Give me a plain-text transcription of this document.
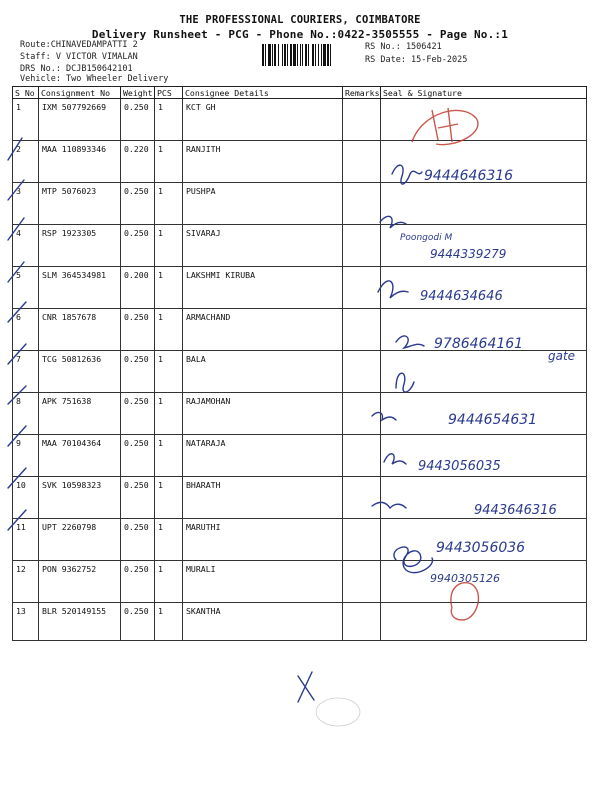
THE PROFESSIONAL COURIERS, COIMBATORE
Delivery Runsheet - PCG - Phone No.:0422-3505555 - Page No.:1
Route:CHINAVEDAMPATTI 2
Staff: V VICTOR VIMALAN
DRS No.: DCJB150642101
Vehicle: Two Wheeler Delivery
RS No.: 1506421
RS Date: 15-Feb-2025
S No	Consignment No	Weight	PCS	Consignee Details	Remarks	Seal & Signature
1	IXM 507792669	0.250	1	KCT GH		
2	MAA 110893346	0.220	1	RANJITH		
3	MTP 5076023	0.250	1	PUSHPA		
4	RSP 1923305	0.250	1	SIVARAJ		
5	SLM 364534981	0.200	1	LAKSHMI KIRUBA		
6	CNR 1857678	0.250	1	ARMACHAND		
7	TCG 50812636	0.250	1	BALA		
8	APK 751638	0.250	1	RAJAMOHAN		
9	MAA 70104364	0.250	1	NATARAJA		
10	SVK 10598323	0.250	1	BHARATH		
11	UPT 2260798	0.250	1	MARUTHI		
12	PON 9362752	0.250	1	MURALI		
13	BLR 520149155	0.250	1	SKANTHA		
9444646316
Poongodi M
9444339279
9444634646
9786464161
gate
9444654631
9443056035
9443646316
9443056036
9940305126
